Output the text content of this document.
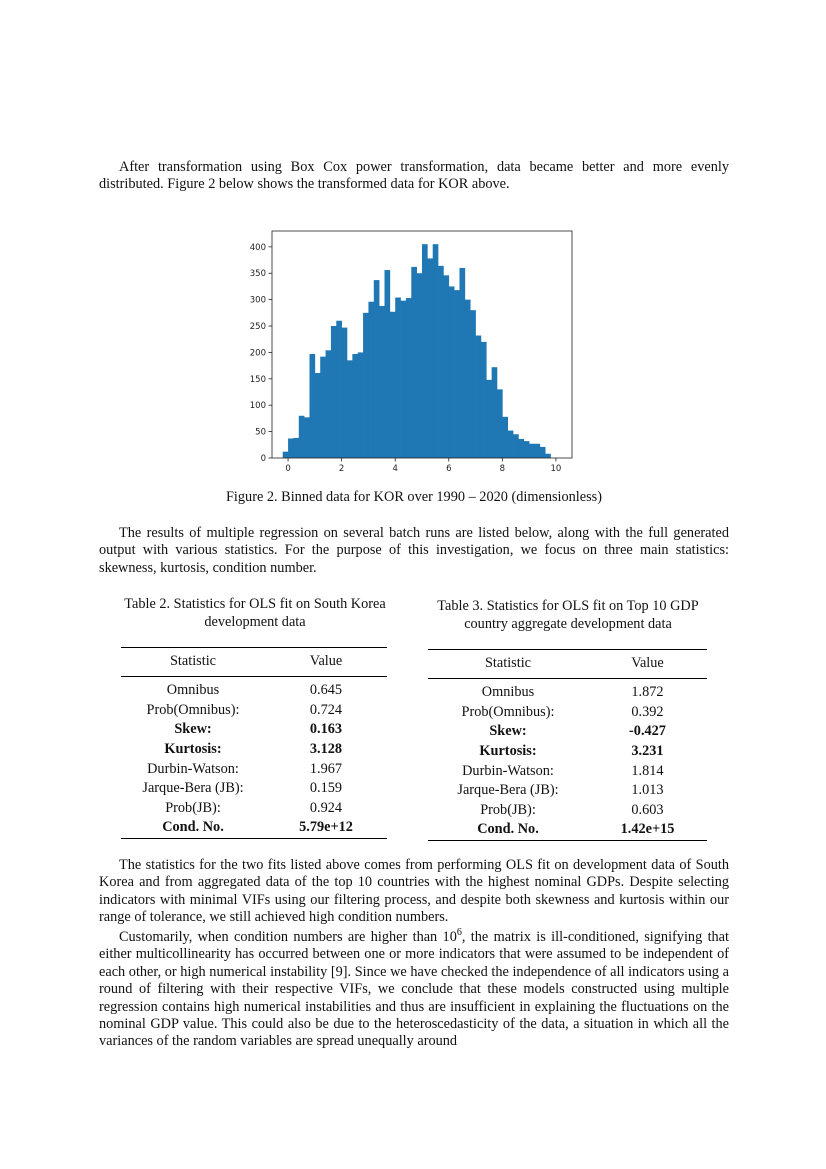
After transformation using Box Cox power transformation, data became better and more evenly distributed. Figure 2 below shows the transformed data for KOR above.

0	2	4	6	8	10
0
50
100
150
200
250
300
350
400

Figure 2. Binned data for KOR over 1990 – 2020 (dimensionless)

The results of multiple regression on several batch runs are listed below, along with the full generated output with various statistics. For the purpose of this investigation, we focus on three main statistics: skewness, kurtosis, condition number.

Table 2. Statistics for OLS fit on South Korea development data

Table 3. Statistics for OLS fit on Top 10 GDP country aggregate development data

Statistic	Value
Omnibus	0.645
Prob(Omnibus):	0.724
Skew:	0.163
Kurtosis:	3.128
Durbin-Watson:	1.967
Jarque-Bera (JB):	0.159
Prob(JB):	0.924
Cond. No.	5.79e+12
Statistic	Value
Omnibus	1.872
Prob(Omnibus):	0.392
Skew:	-0.427
Kurtosis:	3.231
Durbin-Watson:	1.814
Jarque-Bera (JB):	1.013
Prob(JB):	0.603
Cond. No.	1.42e+15

The statistics for the two fits listed above comes from performing OLS fit on development data of South Korea and from aggregated data of the top 10 countries with the highest nominal GDPs. Despite selecting indicators with minimal VIFs using our filtering process, and despite both skewness and kurtosis within our range of tolerance, we still achieved high condition numbers.

Customarily, when condition numbers are higher than $10^6$, the matrix is ill-conditioned, signifying that either multicollinearity has occurred between one or more indicators that were assumed to be independent of each other, or high numerical instability [9]. Since we have checked the independence of all indicators using a round of filtering with their respective VIFs, we conclude that these models constructed using multiple regression contains high numerical instabilities and thus are insufficient in explaining the fluctuations on the nominal GDP value. This could also be due to the heteroscedasticity of the data, a situation in which all the variances of the random variables are spread unequally around
